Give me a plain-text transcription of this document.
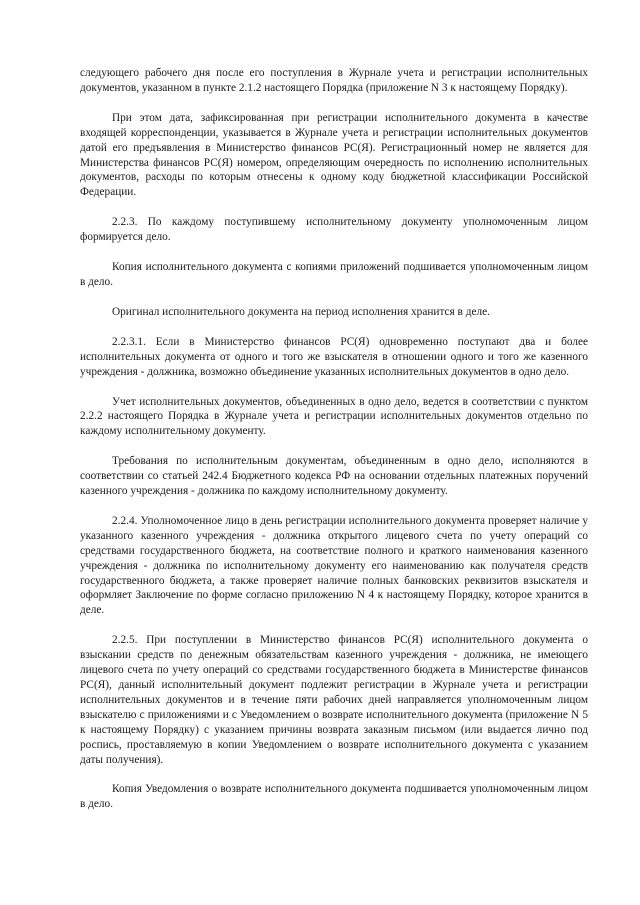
следующего рабочего дня после его поступления в Журнале учета и регистрации исполнительных документов, указанном в пункте 2.1.2 настоящего Порядка (приложение N 3 к настоящему Порядку).

При этом дата, зафиксированная при регистрации исполнительного документа в качестве входящей корреспонденции, указывается в Журнале учета и регистрации исполнительных документов датой его предъявления в Министерство финансов РС(Я). Регистрационный номер не является для Министерства финансов РС(Я) номером, определяющим очередность по исполнению исполнительных документов, расходы по которым отнесены к одному коду бюджетной классификации Российской Федерации.

2.2.3. По каждому поступившему исполнительному документу уполномоченным лицом формируется дело.

Копия исполнительного документа с копиями приложений подшивается уполномоченным лицом в дело.

Оригинал исполнительного документа на период исполнения хранится в деле.

2.2.3.1. Если в Министерство финансов РС(Я) одновременно поступают два и более исполнительных документа от одного и того же взыскателя в отношении одного и того же казенного учреждения - должника, возможно объединение указанных исполнительных документов в одно дело.

Учет исполнительных документов, объединенных в одно дело, ведется в соответствии с пунктом 2.2.2 настоящего Порядка в Журнале учета и регистрации исполнительных документов отдельно по каждому исполнительному документу.

Требования по исполнительным документам, объединенным в одно дело, исполняются в соответствии со статьей 242.4 Бюджетного кодекса РФ на основании отдельных платежных поручений казенного учреждения - должника по каждому исполнительному документу.

2.2.4. Уполномоченное лицо в день регистрации исполнительного документа проверяет наличие у указанного казенного учреждения - должника открытого лицевого счета по учету операций со средствами государственного бюджета, на соответствие полного и краткого наименования казенного учреждения - должника по исполнительному документу его наименованию как получателя средств государственного бюджета, а также проверяет наличие полных банковских реквизитов взыскателя и оформляет Заключение по форме согласно приложению N 4 к настоящему Порядку, которое хранится в деле.

2.2.5. При поступлении в Министерство финансов РС(Я) исполнительного документа о взыскании средств по денежным обязательствам казенного учреждения - должника, не имеющего лицевого счета по учету операций со средствами государственного бюджета в Министерстве финансов РС(Я), данный исполнительный документ подлежит регистрации в Журнале учета и регистрации исполнительных документов и в течение пяти рабочих дней направляется уполномоченным лицом взыскателю с приложениями и с Уведомлением о возврате исполнительного документа (приложение N 5 к настоящему Порядку) с указанием причины возврата заказным письмом (или выдается лично под роспись, проставляемую в копии Уведомлением о возврате исполнительного документа с указанием даты получения).

Копия Уведомления о возврате исполнительного документа подшивается уполномоченным лицом в дело.
